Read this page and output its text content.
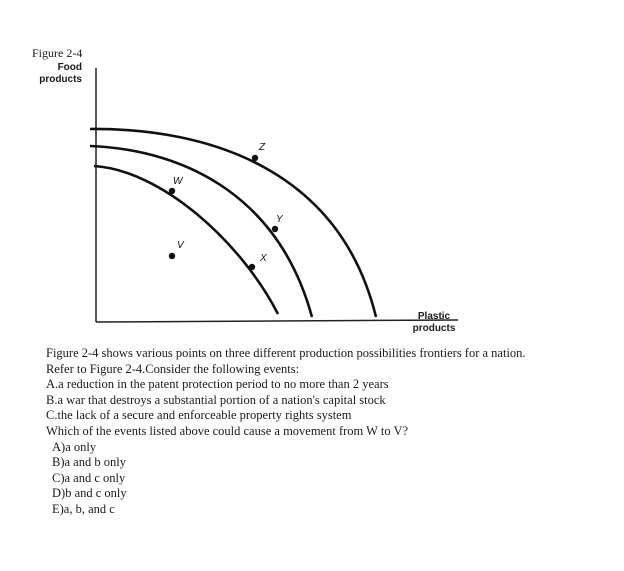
Figure 2-4
Food
products
Plastic
products
Z
W
Y
X
V
Figure 2-4 shows various points on three different production possibilities frontiers for a nation.
Refer to Figure 2-4.Consider the following events:
A.a reduction in the patent protection period to no more than 2 years
B.a war that destroys a substantial portion of a nation's capital stock
C.the lack of a secure and enforceable property rights system
Which of the events listed above could cause a movement from W to V?
A)a only
B)a and b only
C)a and c only
D)b and c only
E)a, b, and c
